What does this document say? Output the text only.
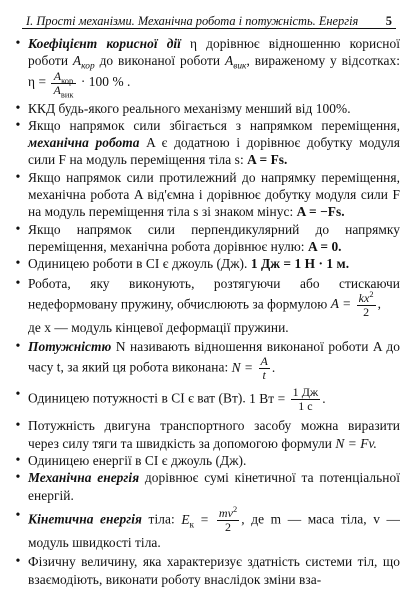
I. Прості механізми. Механічна робота і потужність. Енергія 5
• Коефіцієнт корисної дії η дорівнює відношенню корисної роботи $A_{кор}$ до виконаної роботи $A_{вик}$, вираженому у відсотках: $\eta = \frac{A_{кор}}{A_{вик}} \cdot 100$ % .
• ККД будь-якого реального механізму менший від 100%.
• Якщо напрямок сили збігається з напрямком переміщення, механічна робота A є додатною і дорівнює добутку модуля сили F на модуль переміщення тіла s: A = Fs.
• Якщо напрямок сили протилежний до напрямку переміщення, механічна робота A від'ємна і дорівнює добутку модуля сили F на модуль переміщення тіла s зі знаком мінус: A = −Fs.
• Якщо напрямок сили перпендикулярний до напрямку переміщення, механічна робота дорівнює нулю: A = 0.
• Одиницею роботи в СІ є джоуль (Дж). 1 Дж = 1 Н · 1 м.
• Робота, яку виконують, розтягуючи або стискаючи недеформовану пружину, обчислюють за формулою $A = \frac{kx^2}{2}$ ,
де x — модуль кінцевої деформації пружини.
• Потужністю N називають відношення виконаної роботи A до часу t, за який ця робота виконана: $N = \frac{A}{t}$ .
• Одиницею потужності в СІ є ват (Вт). 1 Вт = $\frac{1 Дж}{1 с}$ .
• Потужність двигуна транспортного засобу можна виразити через силу тяги та швидкість за допомогою формули N = Fv.
• Одиницею енергії в СІ є джоуль (Дж).
• Механічна енергія дорівнює сумі кінетичної та потенціальної енергій.
• Кінетична енергія тіла: $E_к = \frac{mv^2}{2}$ , де m — маса тіла, v — модуль швидкості тіла.
• Фізичну величину, яка характеризує здатність системи тіл, що взаємодіють, виконати роботу внаслідок зміни вза-
